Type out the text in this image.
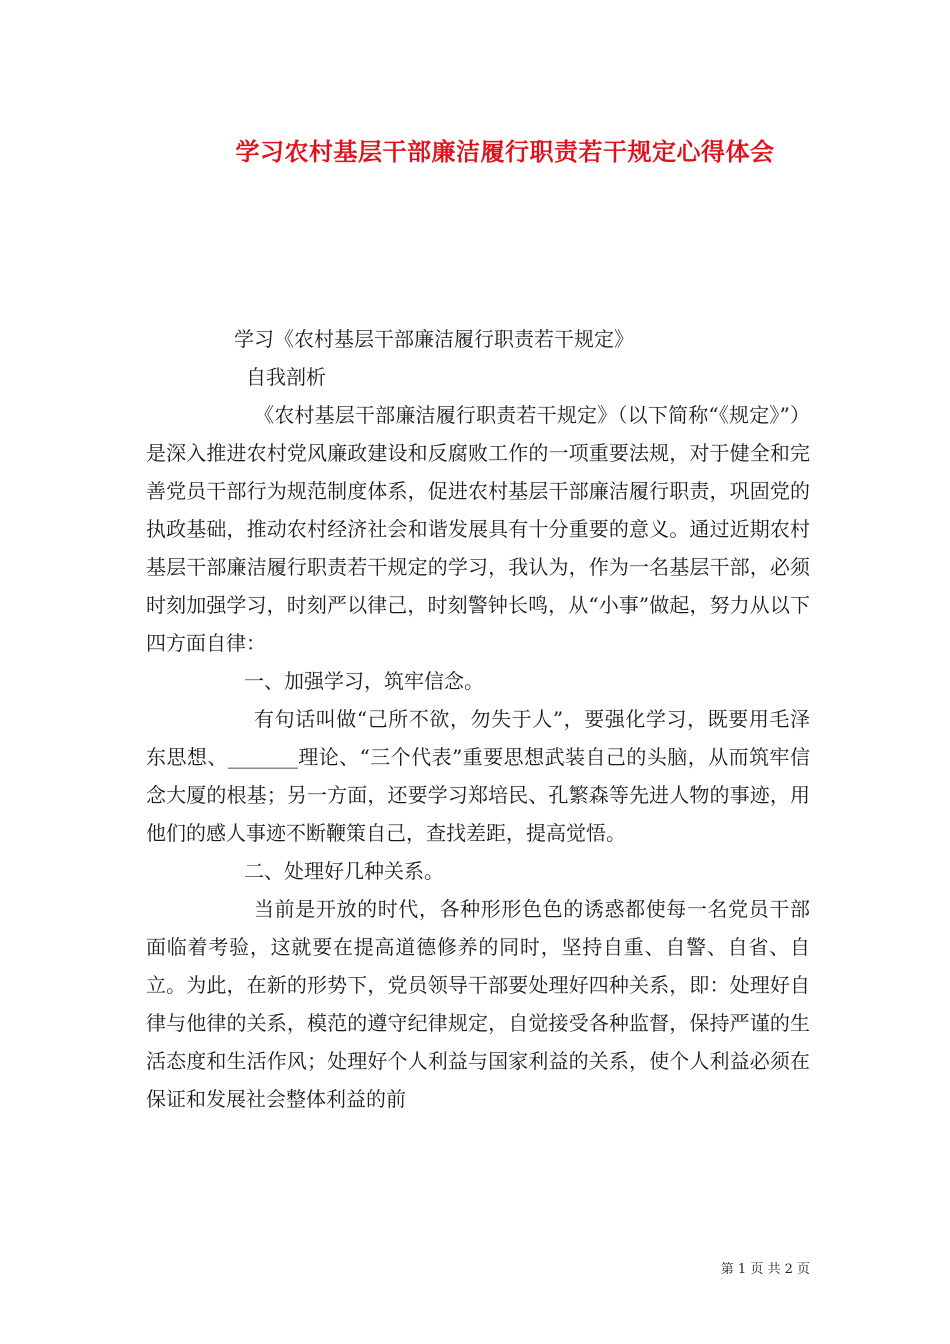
学习农村基层干部廉洁履行职责若干规定心得体会

学习《农村基层干部廉洁履行职责若干规定》

自我剖析

《农村基层干部廉洁履行职责若干规定》（以下简称“《规定》”）是深入推进农村党风廉政建设和反腐败工作的一项重要法规，对于健全和完善党员干部行为规范制度体系，促进农村基层干部廉洁履行职责，巩固党的执政基础，推动农村经济社会和谐发展具有十分重要的意义。通过近期农村基层干部廉洁履行职责若干规定的学习，我认为，作为一名基层干部，必须时刻加强学习，时刻严以律己，时刻警钟长鸣，从“小事”做起，努力从以下四方面自律：

一、加强学习，筑牢信念。

有句话叫做“己所不欲，勿失于人”，要强化学习，既要用毛泽东思想、_______理论、“三个代表”重要思想武装自己的头脑，从而筑牢信念大厦的根基；另一方面，还要学习郑培民、孔繁森等先进人物的事迹，用他们的感人事迹不断鞭策自己，查找差距，提高觉悟。

二、处理好几种关系。

当前是开放的时代，各种形形色色的诱惑都使每一名党员干部面临着考验，这就要在提高道德修养的同时，坚持自重、自警、自省、自立。为此，在新的形势下，党员领导干部要处理好四种关系，即：处理好自律与他律的关系，模范的遵守纪律规定，自觉接受各种监督，保持严谨的生活态度和生活作风；处理好个人利益与国家利益的关系，使个人利益必须在保证和发展社会整体利益的前

第 1 页 共 2 页
